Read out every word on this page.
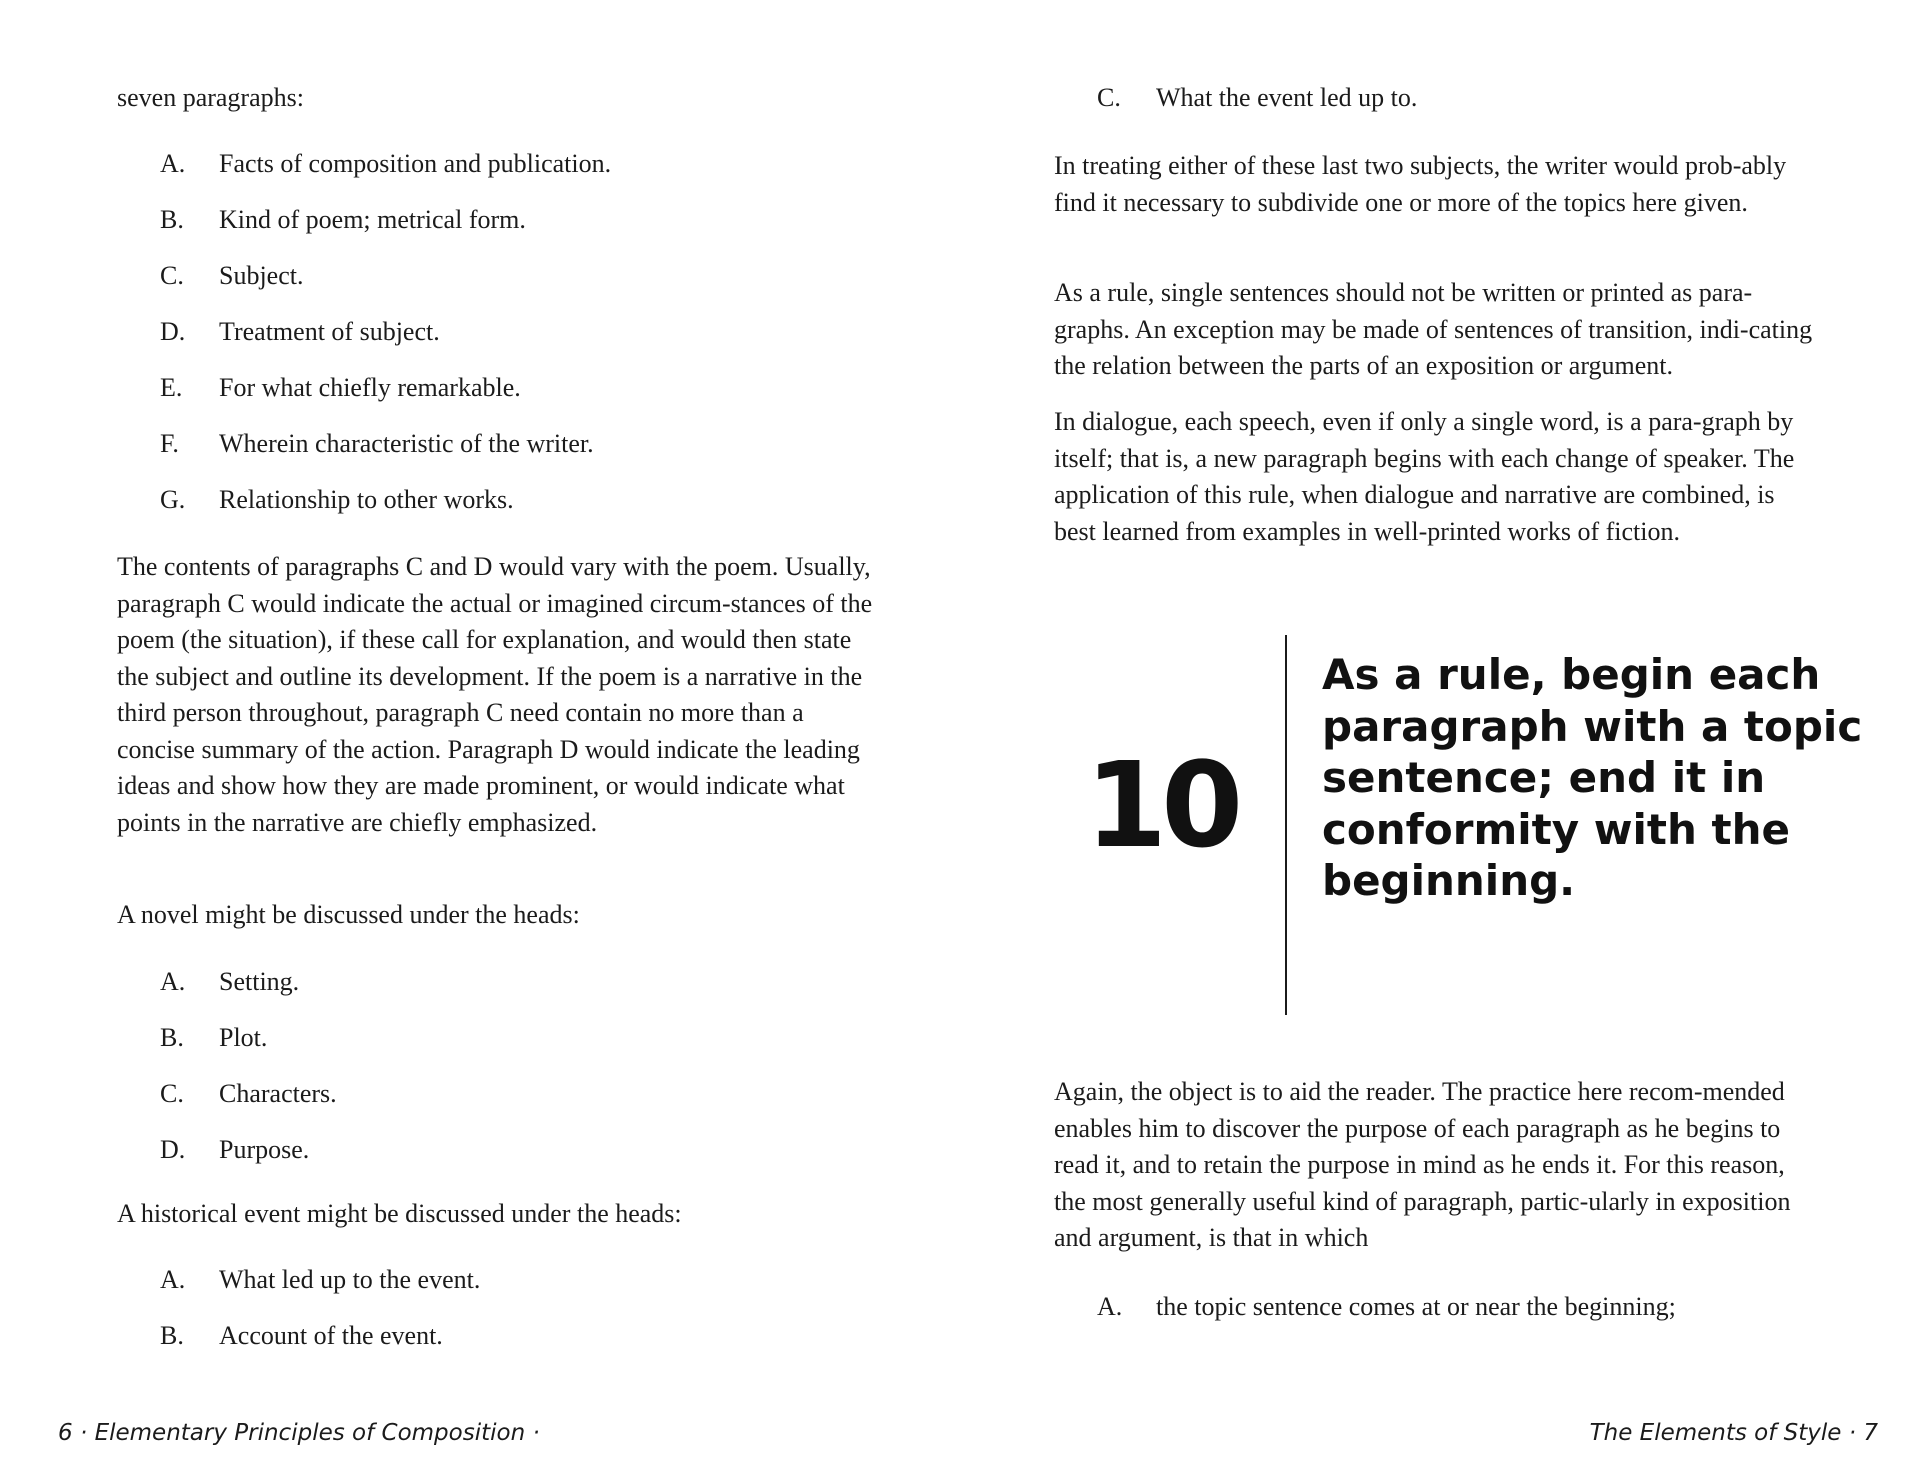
seven paragraphs:

A. Facts of composition and publication.
B. Kind of poem; metrical form.
C. Subject.
D. Treatment of subject.
E. For what chiefly remarkable.
F. Wherein characteristic of the writer.
G. Relationship to other works.

The contents of paragraphs C and D would vary with the poem. Usually, paragraph C would indicate the actual or imagined circum-stances of the poem (the situation), if these call for explanation, and would then state the subject and outline its development. If the poem is a narrative in the third person throughout, paragraph C need contain no more than a concise summary of the action. Paragraph D would indicate the leading ideas and show how they are made prominent, or would indicate what points in the narrative are chiefly emphasized.

A novel might be discussed under the heads:

A. Setting.
B. Plot.
C. Characters.
D. Purpose.

A historical event might be discussed under the heads:

A. What led up to the event.
B. Account of the event.
6 · Elementary Principles of Composition ·
C. What the event led up to.

In treating either of these last two subjects, the writer would prob-ably find it necessary to subdivide one or more of the topics here given.

As a rule, single sentences should not be written or printed as para-graphs. An exception may be made of sentences of transition, indi-cating the relation between the parts of an exposition or argument.

In dialogue, each speech, even if only a single word, is a para-graph by itself; that is, a new paragraph begins with each change of speaker. The application of this rule, when dialogue and narrative are combined, is best learned from examples in well-printed works of fiction.

10
As a rule, begin each paragraph with a topic sentence; end it in conformity with the beginning.

Again, the object is to aid the reader. The practice here recom-mended enables him to discover the purpose of each paragraph as he begins to read it, and to retain the purpose in mind as he ends it. For this reason, the most generally useful kind of paragraph, partic-ularly in exposition and argument, is that in which

A. the topic sentence comes at or near the beginning;
The Elements of Style · 7
